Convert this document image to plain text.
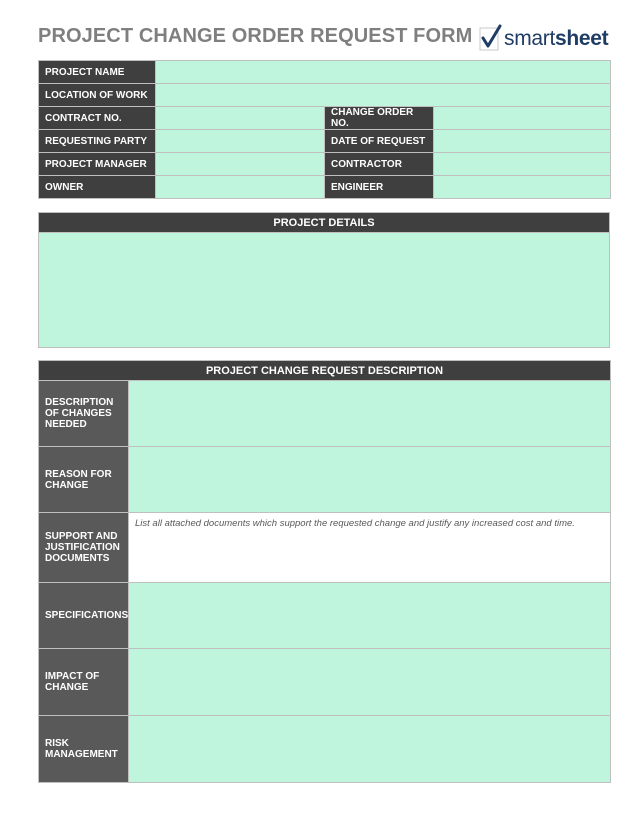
PROJECT CHANGE ORDER REQUEST FORM smartsheet
PROJECT NAME			
LOCATION OF WORK			
CONTRACT NO.		CHANGE ORDER NO.	
REQUESTING PARTY		DATE OF REQUEST	
PROJECT MANAGER		CONTRACTOR	
OWNER		ENGINEER	
PROJECT DETAILS

PROJECT CHANGE REQUEST DESCRIPTION	
DESCRIPTION OF CHANGES NEEDED	
REASON FOR CHANGE	
SUPPORT AND JUSTIFICATION DOCUMENTS	List all attached documents which support the requested change and justify any increased cost and time.
SPECIFICATIONS	
IMPACT OF CHANGE	
RISK MANAGEMENT	
